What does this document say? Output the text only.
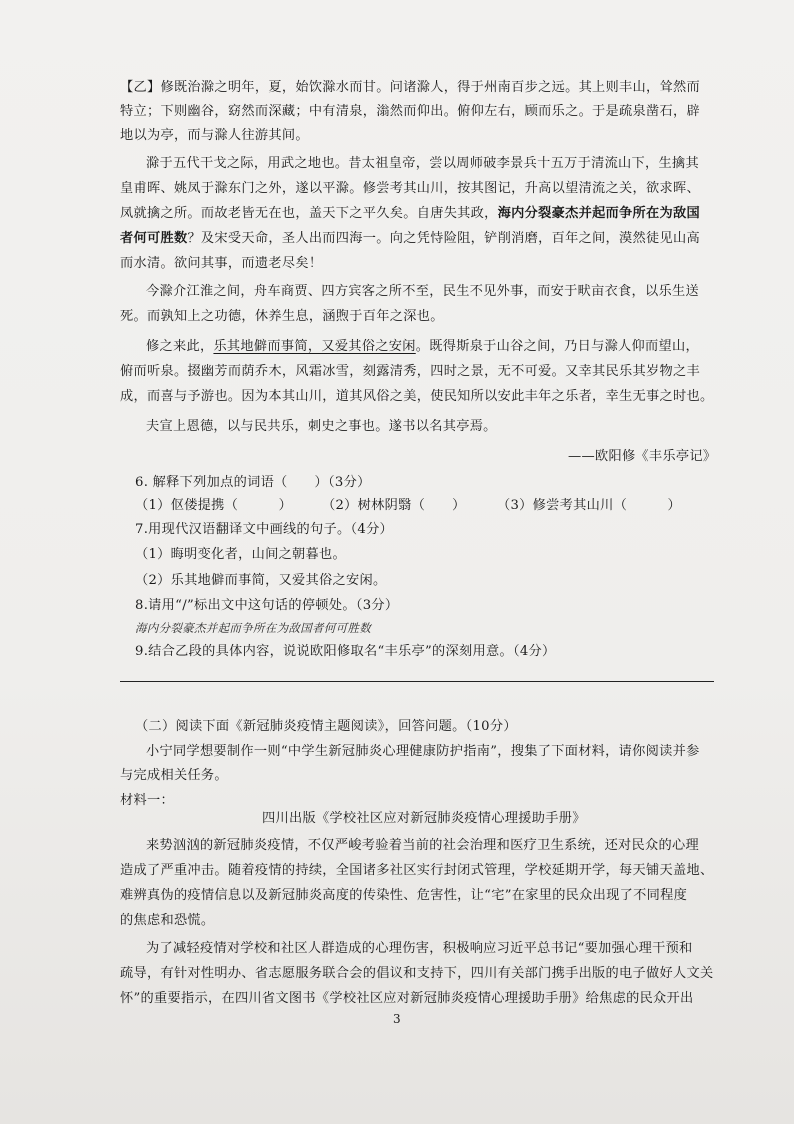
【乙】修既治滁之明年，夏，始饮滁水而甘。问诸滁人，得于州南百步之远。其上则丰山，耸然而
特立；下则幽谷，窈然而深藏；中有清泉，滃然而仰出。俯仰左右，顾而乐之。于是疏泉凿石，辟
地以为亭，而与滁人往游其间。
滁于五代干戈之际，用武之地也。昔太祖皇帝，尝以周师破李景兵十五万于清流山下，生擒其
皇甫晖、姚凤于滁东门之外，遂以平滁。修尝考其山川，按其图记，升高以望清流之关，欲求晖、
凤就擒之所。而故老皆无在也，盖天下之平久矣。自唐失其政，海内分裂豪杰并起而争所在为敌国
者何可胜数？及宋受天命，圣人出而四海一。向之凭恃险阻，铲削消磨，百年之间，漠然徒见山高
而水清。欲问其事，而遗老尽矣！
今滁介江淮之间，舟车商贾、四方宾客之所不至，民生不见外事，而安于畎亩衣食，以乐生送
死。而孰知上之功德，休养生息，涵煦于百年之深也。
修之来此，乐其地僻而事简，又爱其俗之安闲。既得斯泉于山谷之间，乃日与滁人仰而望山，
俯而听泉。掇幽芳而荫乔木，风霜冰雪，刻露清秀，四时之景，无不可爱。又幸其民乐其岁物之丰
成，而喜与予游也。因为本其山川，道其风俗之美，使民知所以安此丰年之乐者，幸生无事之时也。
夫宣上恩德，以与民共乐，刺史之事也。遂书以名其亭焉。
——欧阳修《丰乐亭记》
6. 解释下列加点的词语（　　）（3分）
（1）伛偻提携（　　　） （2）树林阴翳（　　） （3）修尝考其山川（　　　）
7.用现代汉语翻译文中画线的句子。（4分）
（1）晦明变化者，山间之朝暮也。
（2）乐其地僻而事简，又爱其俗之安闲。
8.请用“/”标出文中这句话的停顿处。（3分）
海内分裂豪杰并起而争所在为敌国者何可胜数
9.结合乙段的具体内容，说说欧阳修取名“丰乐亭”的深刻用意。（4分）
（二）阅读下面《新冠肺炎疫情主题阅读》，回答问题。（10分）
小宁同学想要制作一则“中学生新冠肺炎心理健康防护指南”，搜集了下面材料，请你阅读并参
与完成相关任务。
材料一：
四川出版《学校社区应对新冠肺炎疫情心理援助手册》
来势汹汹的新冠肺炎疫情，不仅严峻考验着当前的社会治理和医疗卫生系统，还对民众的心理
造成了严重冲击。随着疫情的持续，全国诸多社区实行封闭式管理，学校延期开学，每天铺天盖地、
难辨真伪的疫情信息以及新冠肺炎高度的传染性、危害性，让“宅”在家里的民众出现了不同程度
的焦虑和恐慌。
为了减轻疫情对学校和社区人群造成的心理伤害，积极响应习近平总书记“要加强心理干预和
疏导，有针对性明办、省志愿服务联合会的倡议和支持下，四川有关部门携手出版的电子做好人文关
怀”的重要指示，在四川省文图书《学校社区应对新冠肺炎疫情心理援助手册》给焦虑的民众开出
3
